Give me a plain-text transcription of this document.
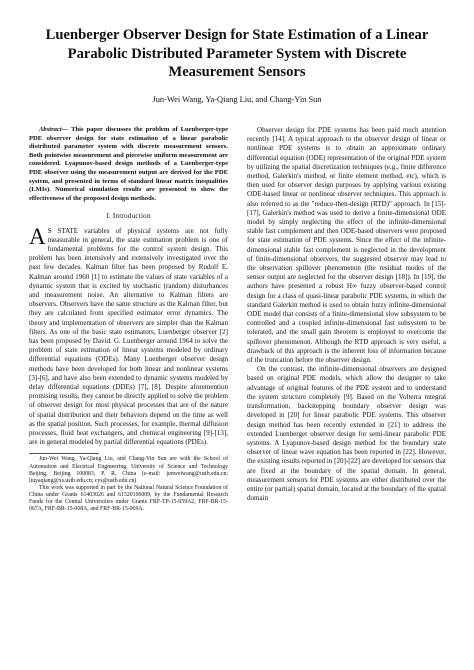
Luenberger Observer Design for State Estimation of a Linear Parabolic Distributed Parameter System with Discrete Measurement Sensors
Jun-Wei Wang, Ya-Qiang Liu, and Chang-Yin Sun

Abstract— This paper discusses the problem of Luenberger-type PDE observer design for state estimation of a linear parabolic distributed parameter system with discrete measurement sensors. Both pointwise measurement and piecewise uniform measurement are considered. Lyapunov-based design methods of a Luenberger-type PDE observer using the measurement output are derived for the PDE system, and presented in terms of standard linear matrix inequalities (LMIs). Numerical simulation results are presented to show the effectiveness of the proposed design methods.

I. Introduction

A S STATE variables of physical systems are not fully measurable in general, the state estimation problem is one of fundamental problems for the control system design. This problem has been intensively and extensively investigated over the past few decades. Kalman filter has been proposed by Rudolf E. Kalman around 1960 [1] to estimate the values of state variables of a dynamic system that is excited by stochastic (random) disturbances and measurement noise. An alternative to Kalman filters are observers. Observers have the same structure as the Kalman filter, but they are calculated from specified estimator error dynamics. The theory and implementation of observers are simpler than the Kalman filters. As one of the basic state estimators, Luenberger observer [2] has been proposed by David. G. Luenberger around 1964 to solve the problem of state estimation of linear systems modeled by ordinary differential equations (ODEs). Many Luenberger observer design methods have been developed for both linear and nonlinear systems [3]-[6], and have also been extended to dynamic systems modeled by delay differential equations (DDEs) [7], [8]. Despite aforemention promising results, they cannot be directly applied to solve the problem of observer design for most physical processes that are of the nature of spatial distribution and their behaviors depend on the time as well as the spatial position. Such processes, for example, thermal diffusion processes, fluid heat exchangers, and chemical engineering [9]-[13], are in general modeled by partial differential equations (PDEs).

Jun-Wei Wang, Ya-Qiang Liu, and Chang-Yin Sun are with the School of Automation and Electrical Engineering, University of Science and Technology Beijing, Beijing 100083, P. R. China (e-mail: junweiwang@ustb.edu.cn; liuyaqiang@xs.ustb.edu.cn; cys@ustb.edu.cn)

This work was supported in part by the National Natural Science Foundation of China under Grants 61403026 and 61520106009, by the Fundamental Research Funds for the Central Universities under Grants FRF-TP-15-059A2, FRF-BR-15-067A, FRF-BR-15-068A, and FRF-BR-15-069A.

Observer design for PDE systems has been paid much attention recently [14]. A typical approach to the observer design of linear or nonlinear PDE systems is to obtain an approximate ordinary differential equation (ODE) representation of the original PDE system by utilizing the spatial discretization techniques (e.g., finite difference method, Galerkin's method, or finite element method, etc), which is then used for observer design purposes by applying various existing ODE-based linear or nonlinear observer techniques. This approach is also referred to as the "reduce-then-design (RTD)" approach. In [15]-[17], Galerkin's method was used to derive a finite-dimensional ODE model by simply neglecting the effect of the infinite-dimensional stable fast complement and then ODE-based observers were proposed for state estimation of PDE systems. Since the effect of the infinite-dimensional stable fast complement is neglected in the development of finite-dimensional observers, the suggested observer may lead to the observation spillover phenomenon (the residual modes of the sensor output are neglected for the observer design [18]). In [19], the authors have presented a robust H∞ fuzzy observer-based control design for a class of quasi-linear parabolic PDE systems, in which the standard Galerkin method is used to obtain fuzzy infinite-dimensional ODE model that consists of a finite-dimensional slow subsystem to be controlled and a coupled infinite-dimensional fast subsystem to be tolerated, and the small gain theorem is employed to overcome the spillover phenomenon. Although the RTD approach is very useful, a drawback of this approach is the inherent loss of information because of the truncation before the observer design.

On the contrast, the infinite-dimensional observers are designed based on original PDE models, which allow the designer to take advantage of original features of the PDE system and to understand the system structure completely [9]. Based on the Volterra integral transformation, backstepping boundary observer design was developed in [20] for linear parabolic PDE systems. This observer design method has been recently extended in [21] to address the extended Luenberger observer design for semi-linear parabolic PDE systems. A Lyapunov-based design method for the boundary state observer of linear wave equation has been reported in [22]. However, the existing results reported in [20]-[22] are developed for sensors that are fixed at the boundary of the spatial domain. In general, measurement sensors for PDE systems are either distributed over the entire (or partial) spatial domain, located at the boundary of the spatial domain
